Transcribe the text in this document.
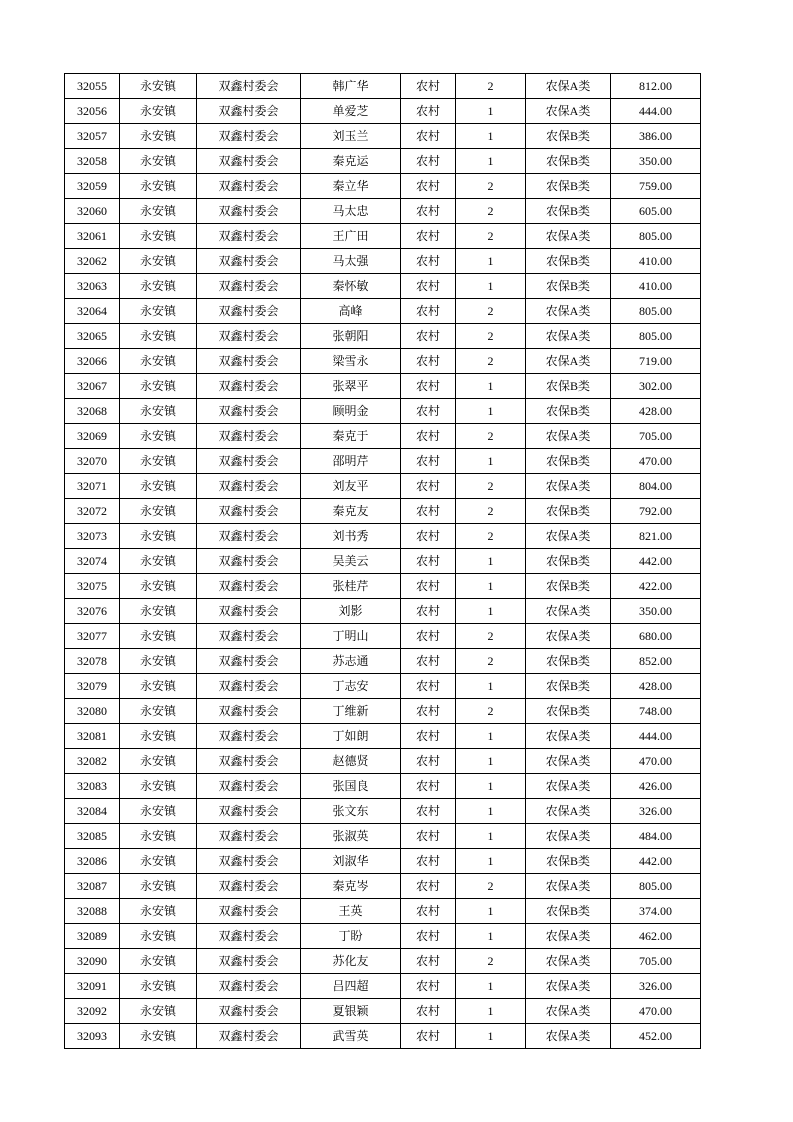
32055	永安镇	双鑫村委会	韩广华	农村	2	农保A类	812.00
32056	永安镇	双鑫村委会	单爱芝	农村	1	农保A类	444.00
32057	永安镇	双鑫村委会	刘玉兰	农村	1	农保B类	386.00
32058	永安镇	双鑫村委会	秦克运	农村	1	农保B类	350.00
32059	永安镇	双鑫村委会	秦立华	农村	2	农保B类	759.00
32060	永安镇	双鑫村委会	马太忠	农村	2	农保B类	605.00
32061	永安镇	双鑫村委会	王广田	农村	2	农保A类	805.00
32062	永安镇	双鑫村委会	马太强	农村	1	农保B类	410.00
32063	永安镇	双鑫村委会	秦怀敏	农村	1	农保B类	410.00
32064	永安镇	双鑫村委会	高峰	农村	2	农保A类	805.00
32065	永安镇	双鑫村委会	张朝阳	农村	2	农保A类	805.00
32066	永安镇	双鑫村委会	梁雪永	农村	2	农保A类	719.00
32067	永安镇	双鑫村委会	张翠平	农村	1	农保B类	302.00
32068	永安镇	双鑫村委会	顾明金	农村	1	农保B类	428.00
32069	永安镇	双鑫村委会	秦克于	农村	2	农保A类	705.00
32070	永安镇	双鑫村委会	邵明芹	农村	1	农保B类	470.00
32071	永安镇	双鑫村委会	刘友平	农村	2	农保A类	804.00
32072	永安镇	双鑫村委会	秦克友	农村	2	农保B类	792.00
32073	永安镇	双鑫村委会	刘书秀	农村	2	农保A类	821.00
32074	永安镇	双鑫村委会	吴美云	农村	1	农保B类	442.00
32075	永安镇	双鑫村委会	张桂芹	农村	1	农保B类	422.00
32076	永安镇	双鑫村委会	刘影	农村	1	农保A类	350.00
32077	永安镇	双鑫村委会	丁明山	农村	2	农保A类	680.00
32078	永安镇	双鑫村委会	苏志通	农村	2	农保B类	852.00
32079	永安镇	双鑫村委会	丁志安	农村	1	农保B类	428.00
32080	永安镇	双鑫村委会	丁维新	农村	2	农保B类	748.00
32081	永安镇	双鑫村委会	丁如朗	农村	1	农保A类	444.00
32082	永安镇	双鑫村委会	赵德贤	农村	1	农保A类	470.00
32083	永安镇	双鑫村委会	张国良	农村	1	农保A类	426.00
32084	永安镇	双鑫村委会	张文东	农村	1	农保A类	326.00
32085	永安镇	双鑫村委会	张淑英	农村	1	农保A类	484.00
32086	永安镇	双鑫村委会	刘淑华	农村	1	农保B类	442.00
32087	永安镇	双鑫村委会	秦克岑	农村	2	农保A类	805.00
32088	永安镇	双鑫村委会	王英	农村	1	农保B类	374.00
32089	永安镇	双鑫村委会	丁盼	农村	1	农保A类	462.00
32090	永安镇	双鑫村委会	苏化友	农村	2	农保A类	705.00
32091	永安镇	双鑫村委会	吕四超	农村	1	农保A类	326.00
32092	永安镇	双鑫村委会	夏银颖	农村	1	农保A类	470.00
32093	永安镇	双鑫村委会	武雪英	农村	1	农保A类	452.00
